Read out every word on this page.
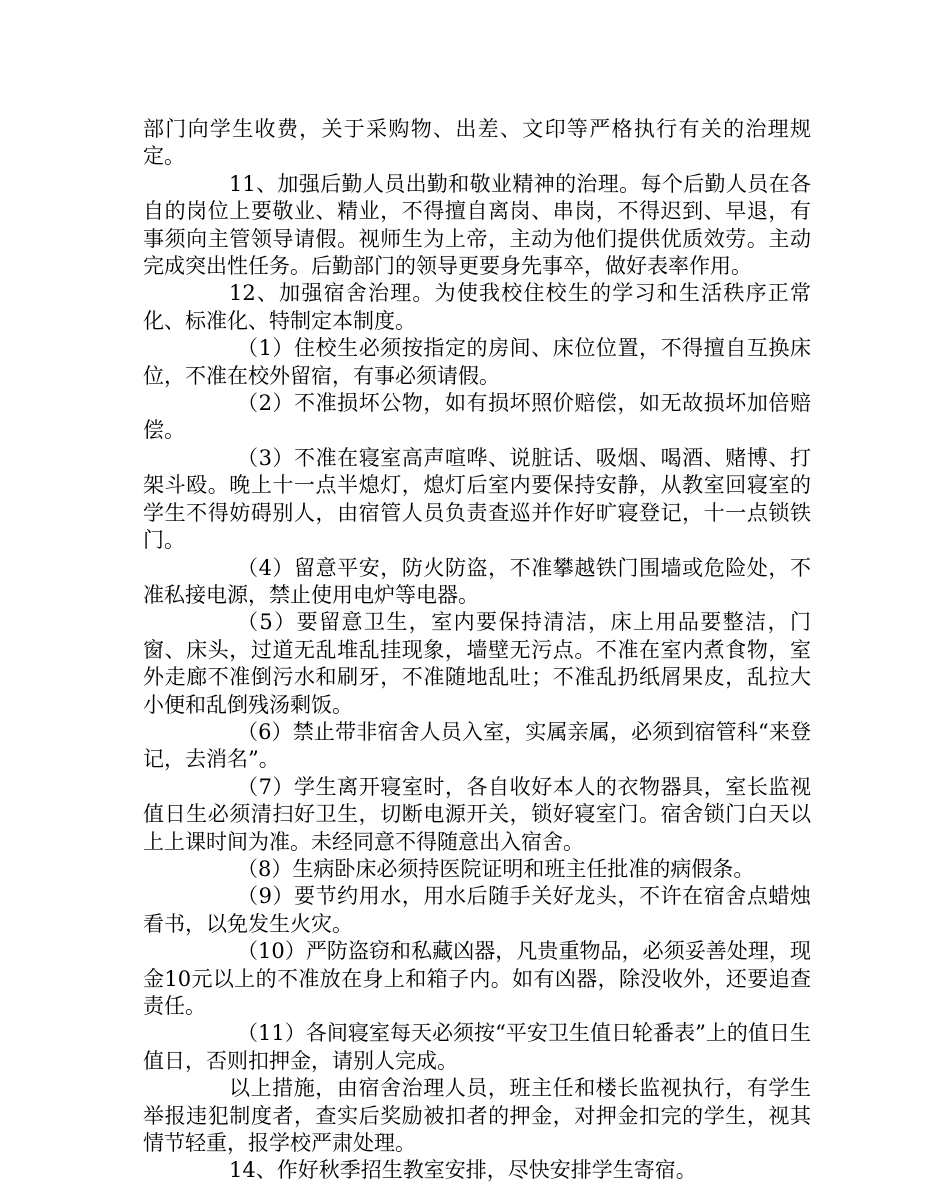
部门向学生收费，关于采购物、出差、文印等严格执行有关的治理规定。

11、加强后勤人员出勤和敬业精神的治理。每个后勤人员在各自的岗位上要敬业、精业，不得擅自离岗、串岗，不得迟到、早退，有事须向主管领导请假。视师生为上帝，主动为他们提供优质效劳。主动完成突出性任务。后勤部门的领导更要身先事卒，做好表率作用。

12、加强宿舍治理。为使我校住校生的学习和生活秩序正常化、标准化、特制定本制度。

（1）住校生必须按指定的房间、床位位置，不得擅自互换床位，不准在校外留宿，有事必须请假。

（2）不准损坏公物，如有损坏照价赔偿，如无故损坏加倍赔偿。

（3）不准在寝室高声喧哗、说脏话、吸烟、喝酒、赌博、打架斗殴。晚上十一点半熄灯，熄灯后室内要保持安静，从教室回寝室的学生不得妨碍别人，由宿管人员负责查巡并作好旷寝登记，十一点锁铁门。

（4）留意平安，防火防盗，不准攀越铁门围墙或危险处，不准私接电源，禁止使用电炉等电器。

（5）要留意卫生，室内要保持清洁，床上用品要整洁，门窗、床头，过道无乱堆乱挂现象，墙壁无污点。不准在室内煮食物，室外走廊不准倒污水和刷牙，不准随地乱吐；不准乱扔纸屑果皮，乱拉大小便和乱倒残汤剩饭。

（6）禁止带非宿舍人员入室，实属亲属，必须到宿管科“来登记，去消名”。

（7）学生离开寝室时，各自收好本人的衣物器具，室长监视值日生必须清扫好卫生，切断电源开关，锁好寝室门。宿舍锁门白天以上上课时间为准。未经同意不得随意出入宿舍。

（8）生病卧床必须持医院证明和班主任批准的病假条。

（9）要节约用水，用水后随手关好龙头，不许在宿舍点蜡烛看书，以免发生火灾。

（10）严防盗窃和私藏凶器，凡贵重物品，必须妥善处理，现金10元以上的不准放在身上和箱子内。如有凶器，除没收外，还要追查责任。

（11）各间寝室每天必须按“平安卫生值日轮番表”上的值日生值日，否则扣押金，请别人完成。

以上措施，由宿舍治理人员，班主任和楼长监视执行，有学生举报违犯制度者，查实后奖励被扣者的押金，对押金扣完的学生，视其情节轻重，报学校严肃处理。

14、作好秋季招生教室安排，尽快安排学生寄宿。
